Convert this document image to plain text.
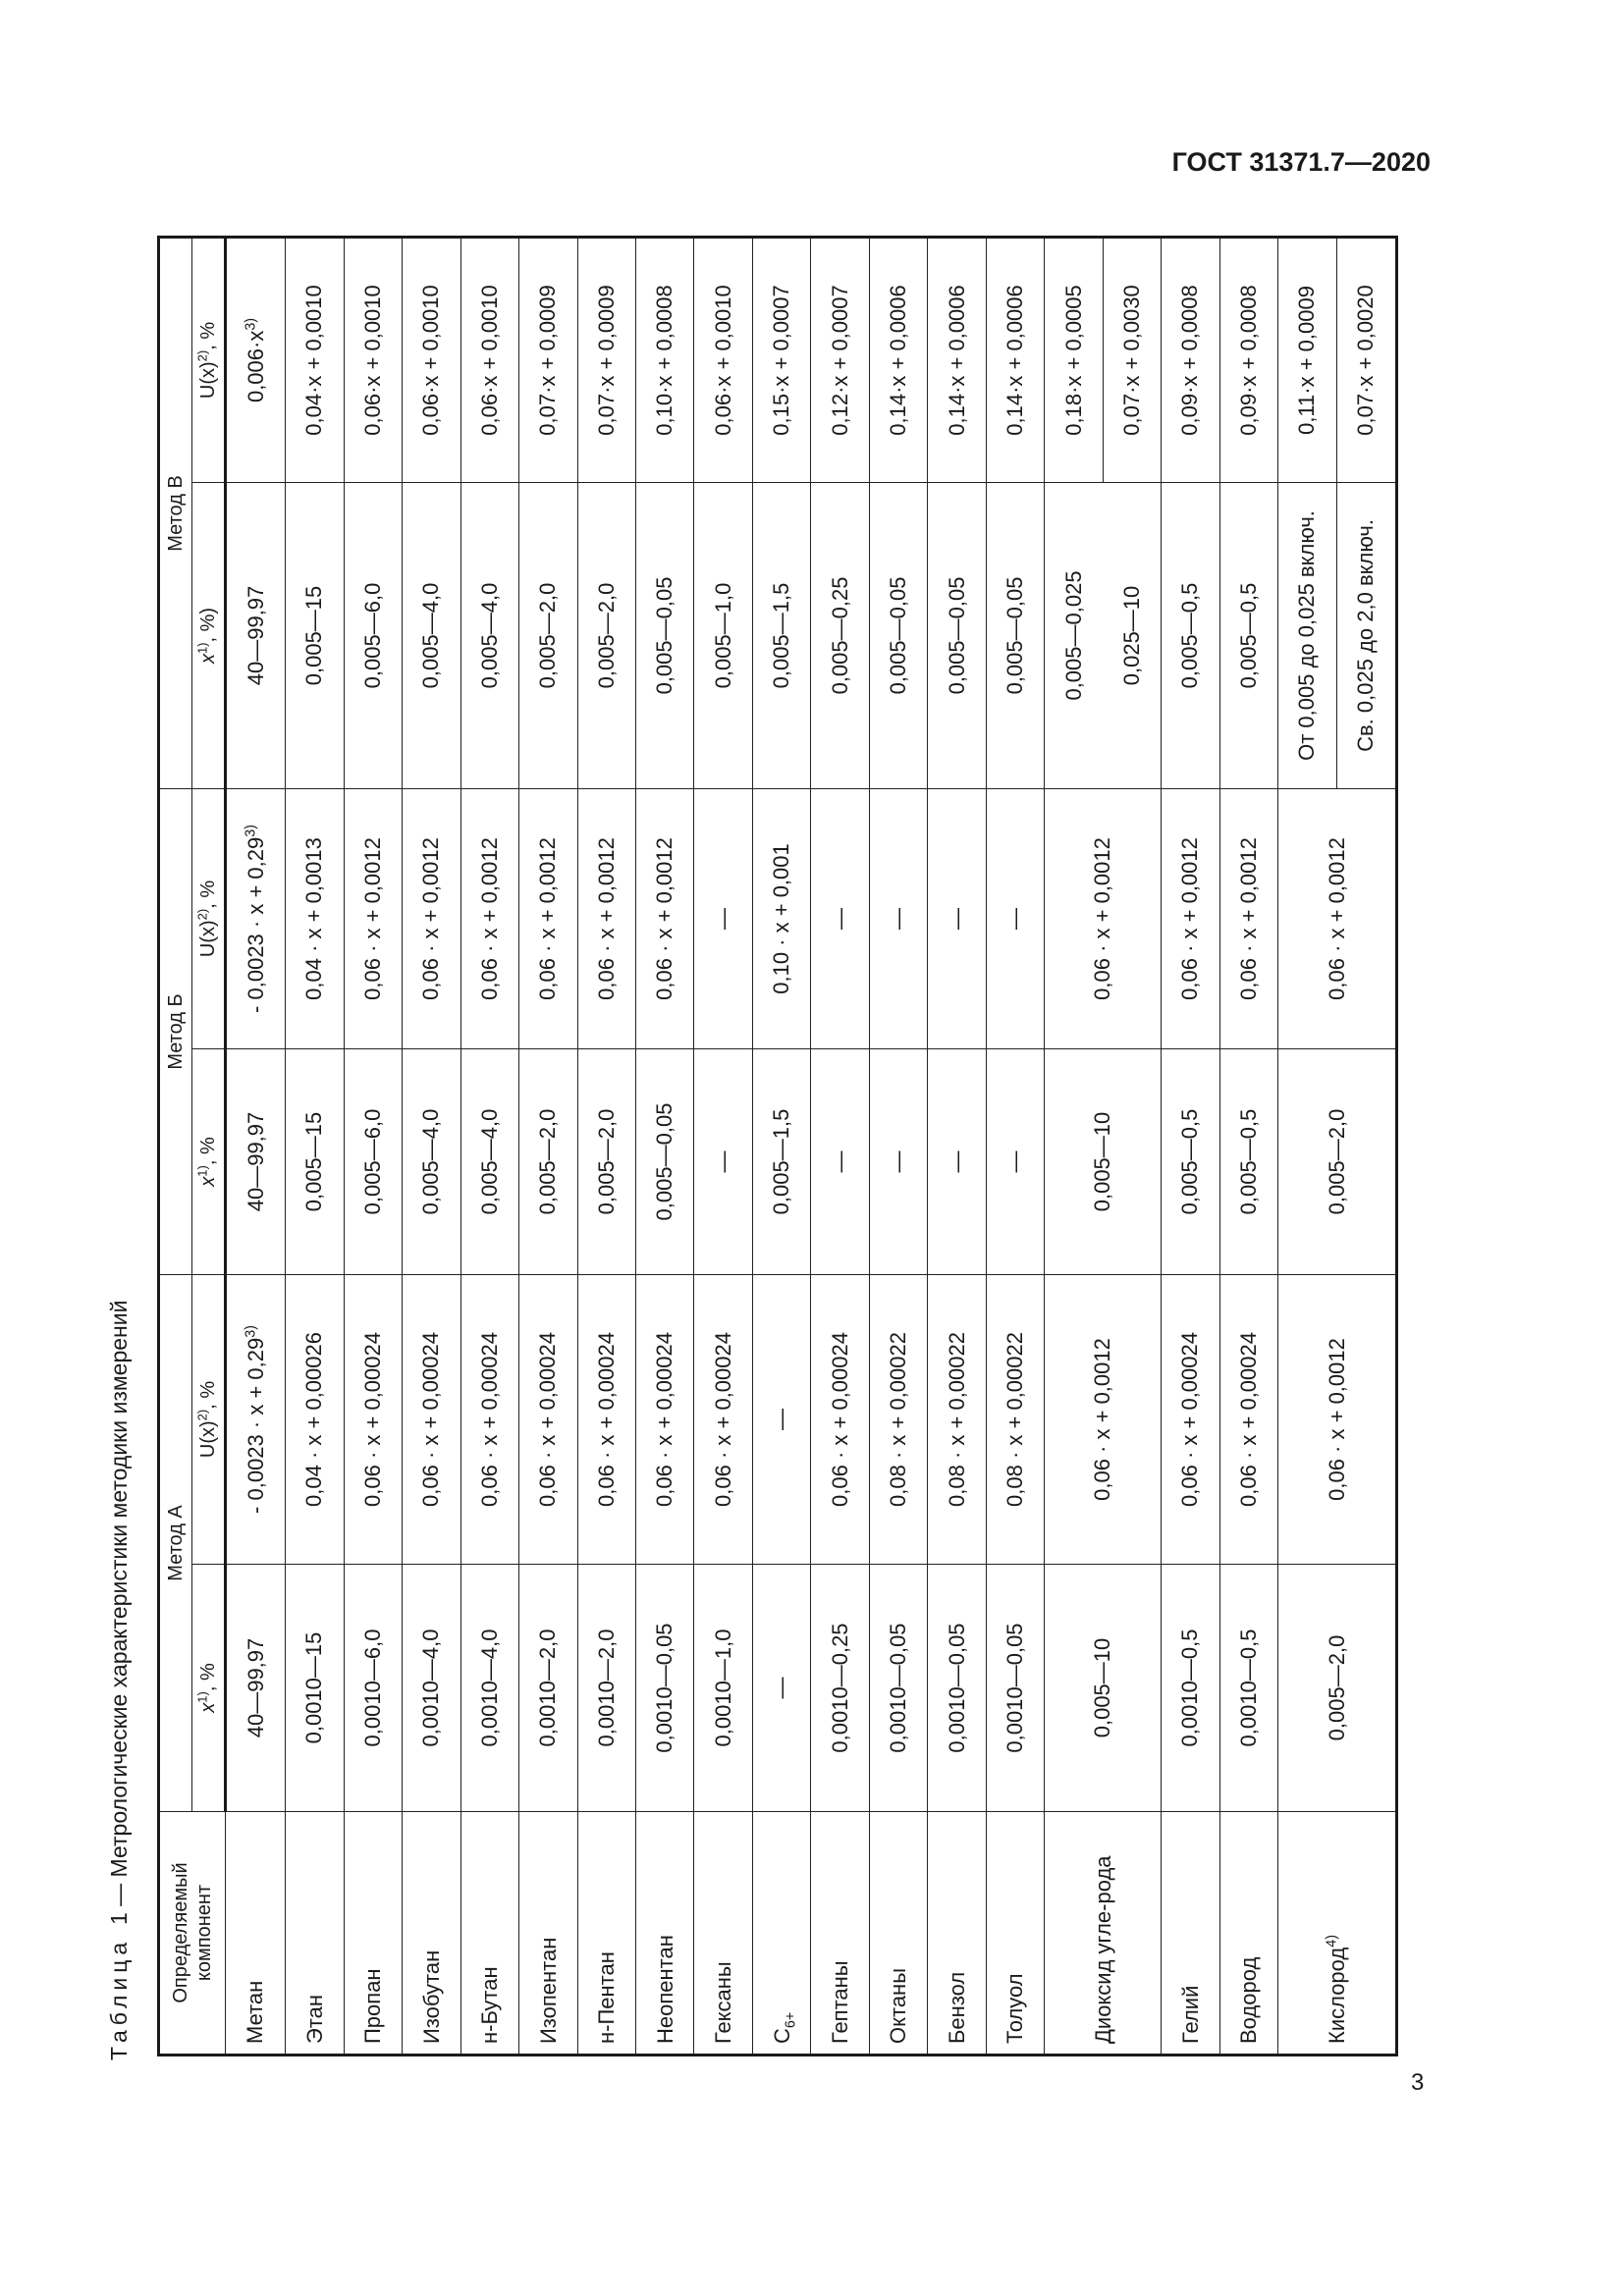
ГОСТ 31371.7—2020
3

Таблица  1 — Метрологические характеристики методики измерений

Определяемый компонент	Метод А		Метод Б		Метод В	
	$x^{1)}$, %	$U(x)^{2)}$, %	$x^{1)}$, %	$U(x)^{2)}$, %	$x^{1)}$, %)	$U(x)^{2)}$, %
Метан	40—99,97	- $0,0023 \cdot x + 0,29^{3)}$	40—99,97	- $0,0023 \cdot x + 0,29^{3)}$	40—99,97	$0,006\cdot x^{3)}$
Этан	0,0010—15	0,04 · x + 0,00026	0,005—15	0,04 · x + 0,0013	0,005—15	0,04·x + 0,0010
Пропан	0,0010—6,0	0,06 · x + 0,00024	0,005—6,0	0,06 · x + 0,0012	0,005—6,0	0,06·x + 0,0010
Изобутан	0,0010—4,0	0,06 · x + 0,00024	0,005—4,0	0,06 · x + 0,0012	0,005—4,0	0,06·x + 0,0010
н-Бутан	0,0010—4,0	0,06 · x + 0,00024	0,005—4,0	0,06 · x + 0,0012	0,005—4,0	0,06·x + 0,0010
Изопентан	0,0010—2,0	0,06 · x + 0,00024	0,005—2,0	0,06 · x + 0,0012	0,005—2,0	0,07·x + 0,0009
н-Пентан	0,0010—2,0	0,06 · x + 0,00024	0,005—2,0	0,06 · x + 0,0012	0,005—2,0	0,07·x + 0,0009
Неопентан	0,0010—0,05	0,06 · x + 0,00024	0,005—0,05	0,06 · x + 0,0012	0,005—0,05	0,10·x + 0,0008
Гексаны	0,0010—1,0	0,06 · x + 0,00024	—	—	0,005—1,0	0,06·x + 0,0010
$C_{6+}$	—	—	0,005—1,5	0,10 · x + 0,001	0,005—1,5	0,15·x + 0,0007
Гептаны	0,0010—0,25	0,06 · x + 0,00024	—	—	0,005—0,25	0,12·x + 0,0007
Октаны	0,0010—0,05	0,08 · x + 0,00022	—	—	0,005—0,05	0,14·x + 0,0006
Бензол	0,0010—0,05	0,08 · x + 0,00022	—	—	0,005—0,05	0,14·x + 0,0006
Толуол	0,0010—0,05	0,08 · x + 0,00022	—	—	0,005—0,05	0,14·x + 0,0006
Диоксид угле-рода	0,005—10	0,06 · x + 0,0012	0,005—10	0,06 · x + 0,0012	0,005—0,025	0,18·x + 0,0005
					0,025—10	0,07·x + 0,0030
Гелий	0,0010—0,5	0,06 · x + 0,00024	0,005—0,5	0,06 · x + 0,0012	0,005—0,5	0,09·x + 0,0008
Водород	0,0010—0,5	0,06 · x + 0,00024	0,005—0,5	0,06 · x + 0,0012	0,005—0,5	0,09·x + 0,0008
Кислород$^{4)}$	0,005—2,0	0,06 · x + 0,0012	0,005—2,0	0,06 · x + 0,0012	От 0,005 до 0,025 включ.	0,11·x + 0,0009
					Св. 0,025 до 2,0 включ.	0,07·x + 0,0020
